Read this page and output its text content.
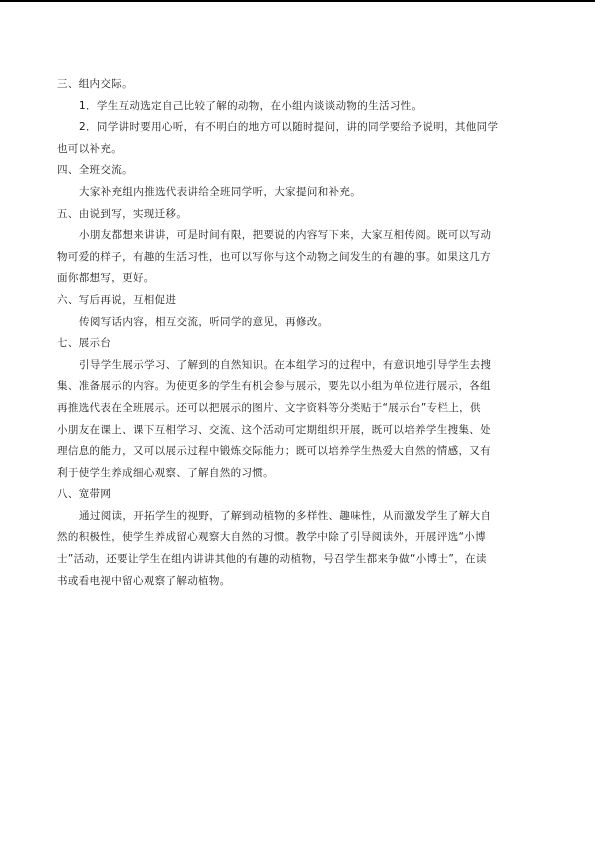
三、组内交际。
1．学生互动选定自己比较了解的动物，在小组内谈谈动物的生活习性。
2．同学讲时要用心听，有不明白的地方可以随时提问，讲的同学要给予说明，其他同学
也可以补充。
四、全班交流。
大家补充组内推选代表讲给全班同学听，大家提问和补充。
五、由说到写，实现迁移。
小朋友都想来讲讲，可是时间有限，把要说的内容写下来，大家互相传阅。既可以写动
物可爱的样子，有趣的生活习性，也可以写你与这个动物之间发生的有趣的事。如果这几方
面你都想写，更好。
六、写后再说，互相促进
传阅写话内容，相互交流，听同学的意见，再修改。
七、展示台
引导学生展示学习、了解到的自然知识。在本组学习的过程中，有意识地引导学生去搜
集、准备展示的内容。为使更多的学生有机会参与展示，要先以小组为单位进行展示，各组
再推选代表在全班展示。还可以把展示的图片、文字资料等分类贴于“展示台”专栏上，供
小朋友在课上、课下互相学习、交流、这个活动可定期组织开展，既可以培养学生搜集、处
理信息的能力，又可以展示过程中锻炼交际能力；既可以培养学生热爱大自然的情感，又有
利于使学生养成细心观察、了解自然的习惯。
八、宽带网
通过阅读，开拓学生的视野，了解到动植物的多样性、趣味性，从而激发学生了解大自
然的积极性，使学生养成留心观察大自然的习惯。教学中除了引导阅读外，开展评选“小博
士”活动，还要让学生在组内讲讲其他的有趣的动植物，号召学生都来争做“小博士”，在读
书或看电视中留心观察了解动植物。
